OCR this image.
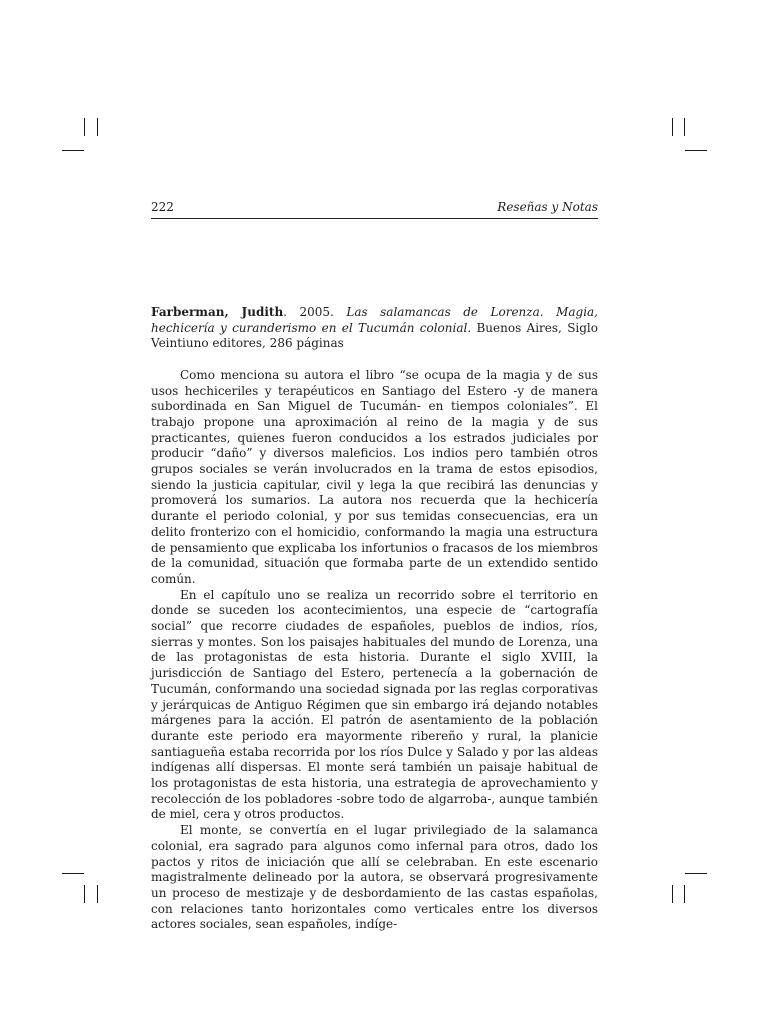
222	Reseñas y Notas

Farberman, Judith. 2005. Las salamancas de Lorenza. Magia, hechicería y curanderismo en el Tucumán colonial. Buenos Aires, Siglo Veintiuno editores, 286 páginas

Como menciona su autora el libro “se ocupa de la magia y de sus usos hechiceriles y terapéuticos en Santiago del Estero -y de manera subordinada en San Miguel de Tucumán- en tiempos coloniales”. El trabajo propone una aproximación al reino de la magia y de sus practicantes, quienes fueron conducidos a los estrados judiciales por producir “daño” y diversos maleficios. Los indios pero también otros grupos sociales se verán involucrados en la trama de estos episodios, siendo la justicia capitular, civil y lega la que recibirá las denuncias y promoverá los sumarios. La autora nos recuerda que la hechicería durante el periodo colonial, y por sus temidas consecuencias, era un delito fronterizo con el homicidio, conformando la magia una estructura de pensamiento que explicaba los infortunios o fracasos de los miembros de la comunidad, situación que formaba parte de un extendido sentido común.

En el capítulo uno se realiza un recorrido sobre el territorio en donde se suceden los acontecimientos, una especie de “cartografía social” que recorre ciudades de españoles, pueblos de indios, ríos, sierras y montes. Son los paisajes habituales del mundo de Lorenza, una de las protagonistas de esta historia. Durante el siglo XVIII, la jurisdicción de Santiago del Estero, pertenecía a la gobernación de Tucumán, conformando una sociedad signada por las reglas corporativas y jerárquicas de Antiguo Régimen que sin embargo irá dejando notables márgenes para la acción. El patrón de asentamiento de la población durante este periodo era mayormente ribereño y rural, la planicie santiagueña estaba recorrida por los ríos Dulce y Salado y por las aldeas indígenas allí dispersas. El monte será también un paisaje habitual de los protagonistas de esta historia, una estrategia de aprovechamiento y recolección de los pobladores -sobre todo de algarroba-, aunque también de miel, cera y otros productos.

El monte, se convertía en el lugar privilegiado de la salamanca colonial, era sagrado para algunos como infernal para otros, dado los pactos y ritos de iniciación que allí se celebraban. En este escenario magistralmente delineado por la autora, se observará progresivamente un proceso de mestizaje y de desbordamiento de las castas españolas, con relaciones tanto horizontales como verticales entre los diversos actores sociales, sean españoles, indíge-
